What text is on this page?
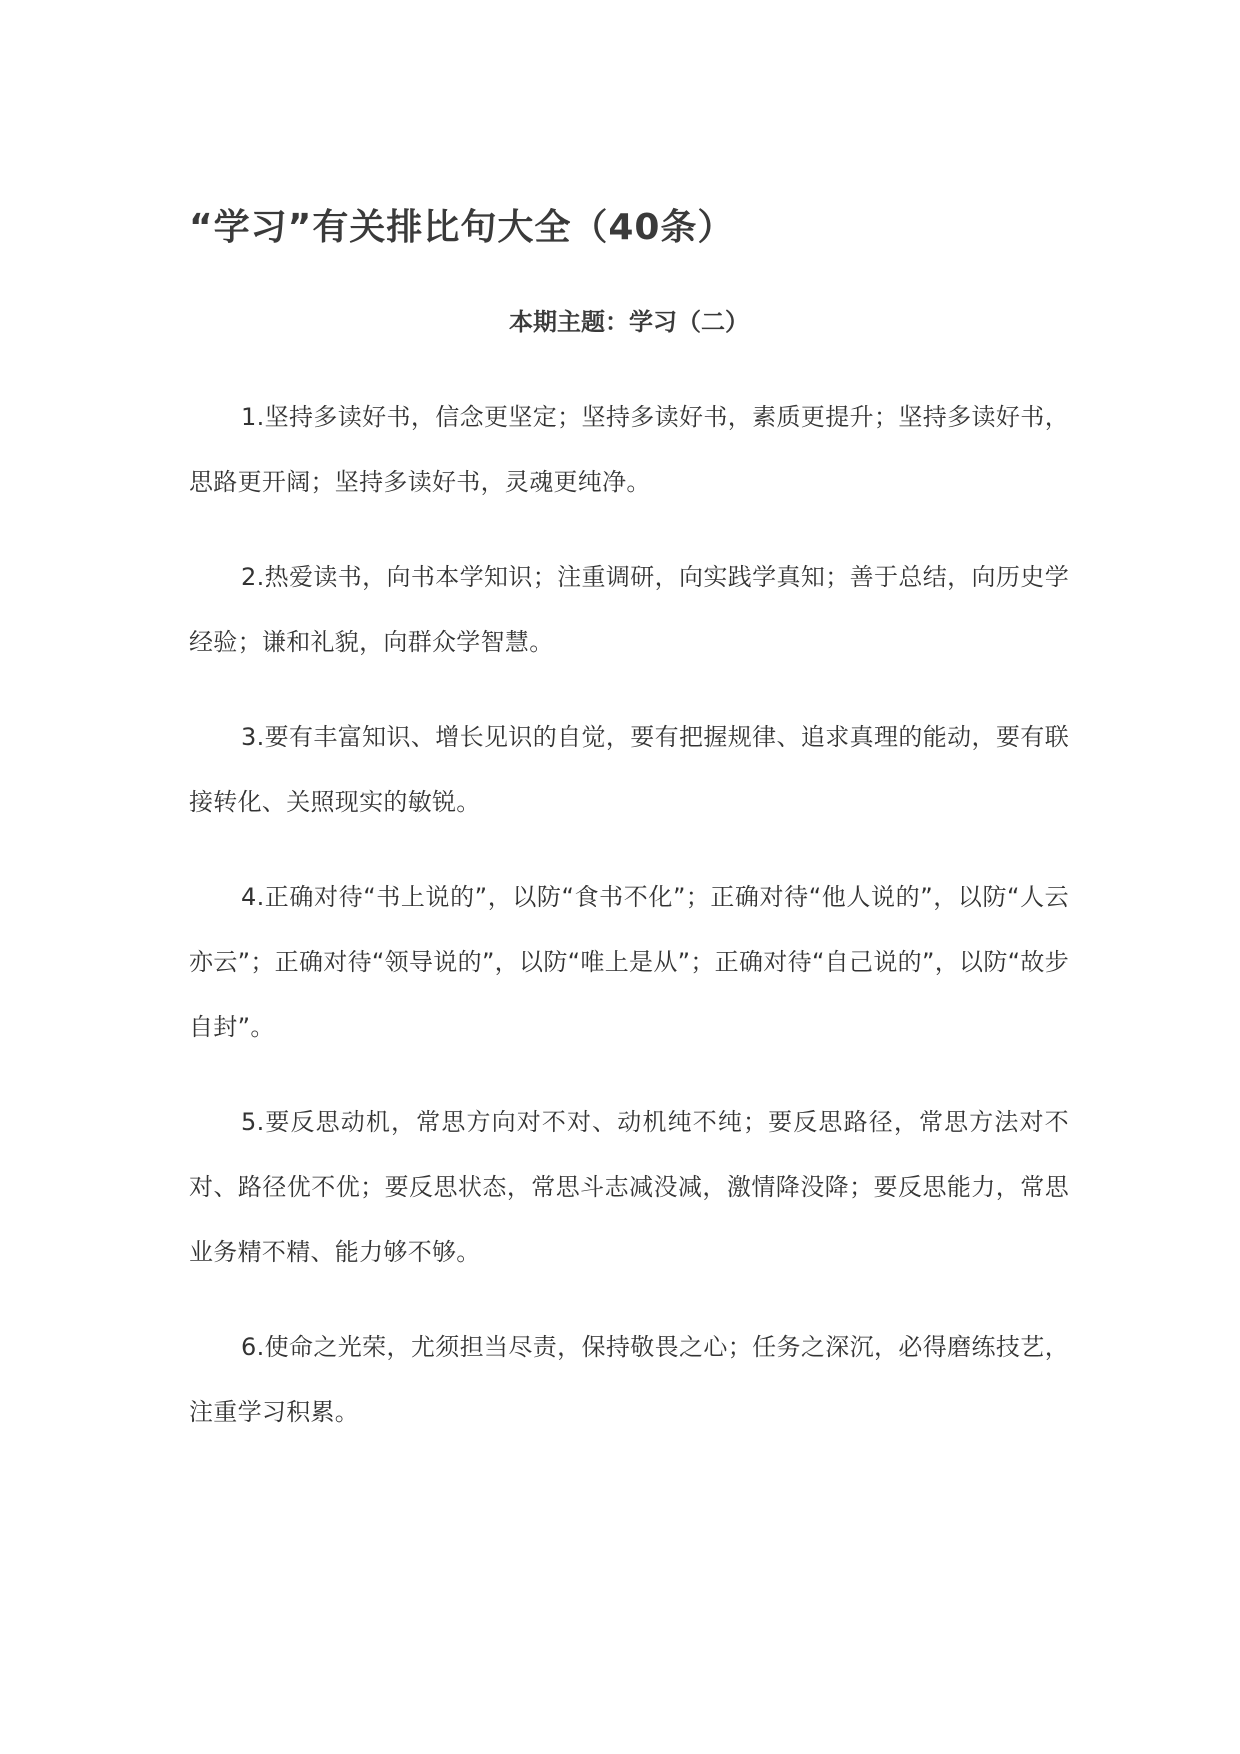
“学习”有关排比句大全（40条）
本期主题：学习（二）

1.坚持多读好书，信念更坚定；坚持多读好书，素质更提升；坚持多读好书，思路更开阔；坚持多读好书，灵魂更纯净。

2.热爱读书，向书本学知识；注重调研，向实践学真知；善于总结，向历史学经验；谦和礼貌，向群众学智慧。

3.要有丰富知识、增长见识的自觉，要有把握规律、追求真理的能动，要有联接转化、关照现实的敏锐。

4.正确对待“书上说的”，以防“食书不化”；正确对待“他人说的”，以防“人云亦云”；正确对待“领导说的”，以防“唯上是从”；正确对待“自己说的”，以防“故步自封”。

5.要反思动机，常思方向对不对、动机纯不纯；要反思路径，常思方法对不对、路径优不优；要反思状态，常思斗志减没减，激情降没降；要反思能力，常思业务精不精、能力够不够。

6.使命之光荣，尤须担当尽责，保持敬畏之心；任务之深沉，必得磨练技艺，注重学习积累。
